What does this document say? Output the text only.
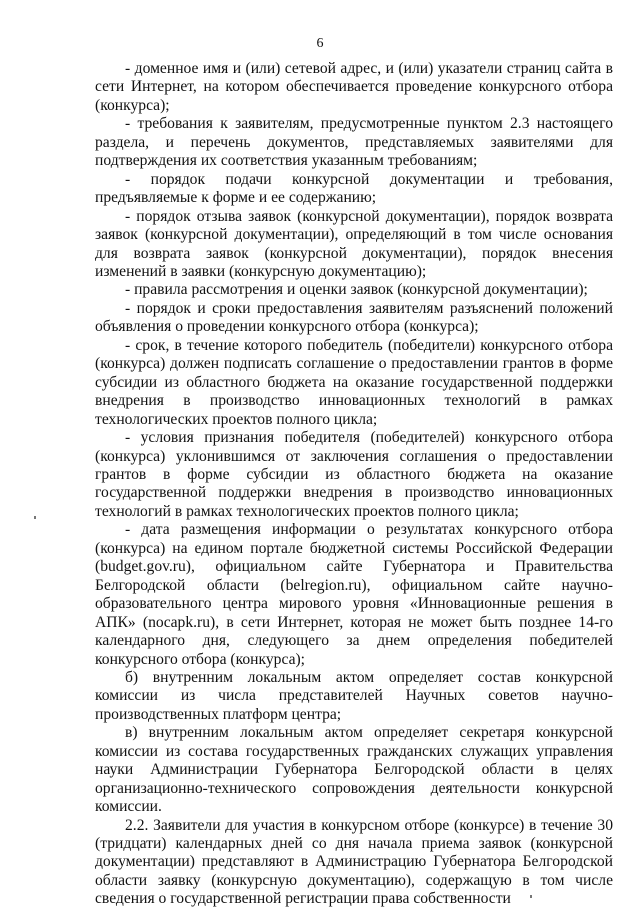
6

- доменное имя и (или) сетевой адрес, и (или) указатели страниц сайта в сети Интернет, на котором обеспечивается проведение конкурсного отбора (конкурса);

- требования к заявителям, предусмотренные пунктом 2.3 настоящего раздела, и перечень документов, представляемых заявителями для подтверждения их соответствия указанным требованиям;

- порядок подачи конкурсной документации и требования, предъявляемые к форме и ее содержанию;

- порядок отзыва заявок (конкурсной документации), порядок возврата заявок (конкурсной документации), определяющий в том числе основания для возврата заявок (конкурсной документации), порядок внесения изменений в заявки (конкурсную документацию);

- правила рассмотрения и оценки заявок (конкурсной документации);

- порядок и сроки предоставления заявителям разъяснений положений объявления о проведении конкурсного отбора (конкурса);

- срок, в течение которого победитель (победители) конкурсного отбора (конкурса) должен подписать соглашение о предоставлении грантов в форме субсидии из областного бюджета на оказание государственной поддержки внедрения в производство инновационных технологий в рамках технологических проектов полного цикла;

- условия признания победителя (победителей) конкурсного отбора (конкурса) уклонившимся от заключения соглашения о предоставлении грантов в форме субсидии из областного бюджета на оказание государственной поддержки внедрения в производство инновационных технологий в рамках технологических проектов полного цикла;

- дата размещения информации о результатах конкурсного отбора (конкурса) на едином портале бюджетной системы Российской Федерации (budget.gov.ru), официальном сайте Губернатора и Правительства Белгородской области (belregion.ru), официальном сайте научно-образовательного центра мирового уровня «Инновационные решения в АПК» (nocapk.ru), в сети Интернет, которая не может быть позднее 14-го календарного дня, следующего за днем определения победителей конкурсного отбора (конкурса);

б) внутренним локальным актом определяет состав конкурсной комиссии из числа представителей Научных советов научно-производственных платформ центра;

в) внутренним локальным актом определяет секретаря конкурсной комиссии из состава государственных гражданских служащих управления науки Администрации Губернатора Белгородской области в целях организационно-технического сопровождения деятельности конкурсной комиссии.

2.2. Заявители для участия в конкурсном отборе (конкурсе) в течение 30 (тридцати) календарных дней со дня начала приема заявок (конкурсной документации) представляют в Администрацию Губернатора Белгородской области заявку (конкурсную документацию), содержащую в том числе сведения о государственной регистрации права собственности
